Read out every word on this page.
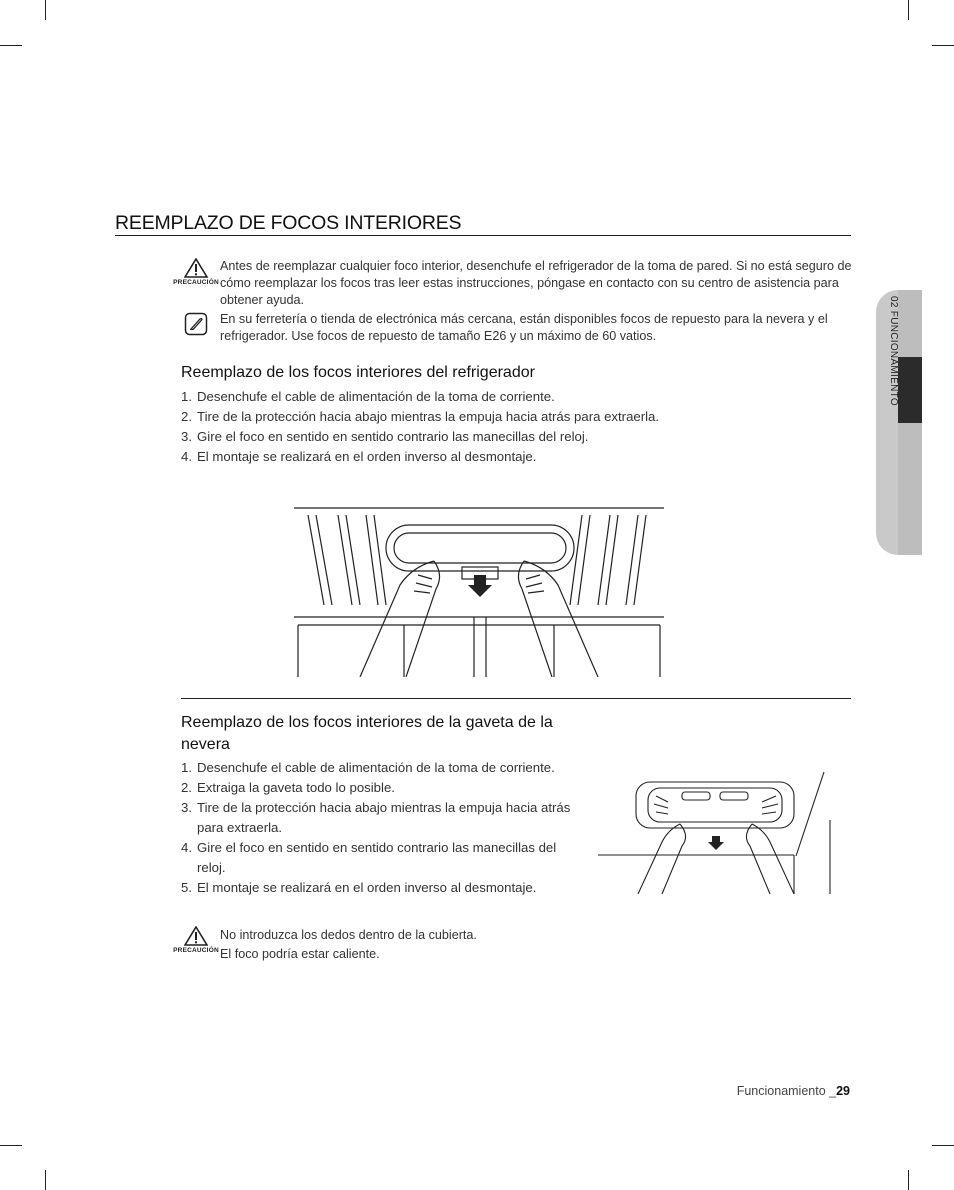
02 FUNCIONAMIENTO
REEMPLAZO DE FOCOS INTERIORES
PRECAUCIÓN
Antes de reemplazar cualquier foco interior, desenchufe el refrigerador de la toma de pared. Si no está seguro de cómo reemplazar los focos tras leer estas instrucciones, póngase en contacto con su centro de asistencia para obtener ayuda.
En su ferretería o tienda de electrónica más cercana, están disponibles focos de repuesto para la nevera y el refrigerador. Use focos de repuesto de tamaño E26 y un máximo de 60 vatios.
Reemplazo de los focos interiores del refrigerador
1. Desenchufe el cable de alimentación de la toma de corriente.
2. Tire de la protección hacia abajo mientras la empuja hacia atrás para extraerla.
3. Gire el foco en sentido en sentido contrario las manecillas del reloj.
4. El montaje se realizará en el orden inverso al desmontaje.
Reemplazo de los focos interiores de la gaveta de la
nevera
1. Desenchufe el cable de alimentación de la toma de corriente.
2. Extraiga la gaveta todo lo posible.
3. Tire de la protección hacia abajo mientras la empuja hacia atrás
para extraerla.
4. Gire el foco en sentido en sentido contrario las manecillas del
reloj.
5. El montaje se realizará en el orden inverso al desmontaje.
PRECAUCIÓN
No introduzca los dedos dentro de la cubierta.
El foco podría estar caliente.
Funcionamiento _29
